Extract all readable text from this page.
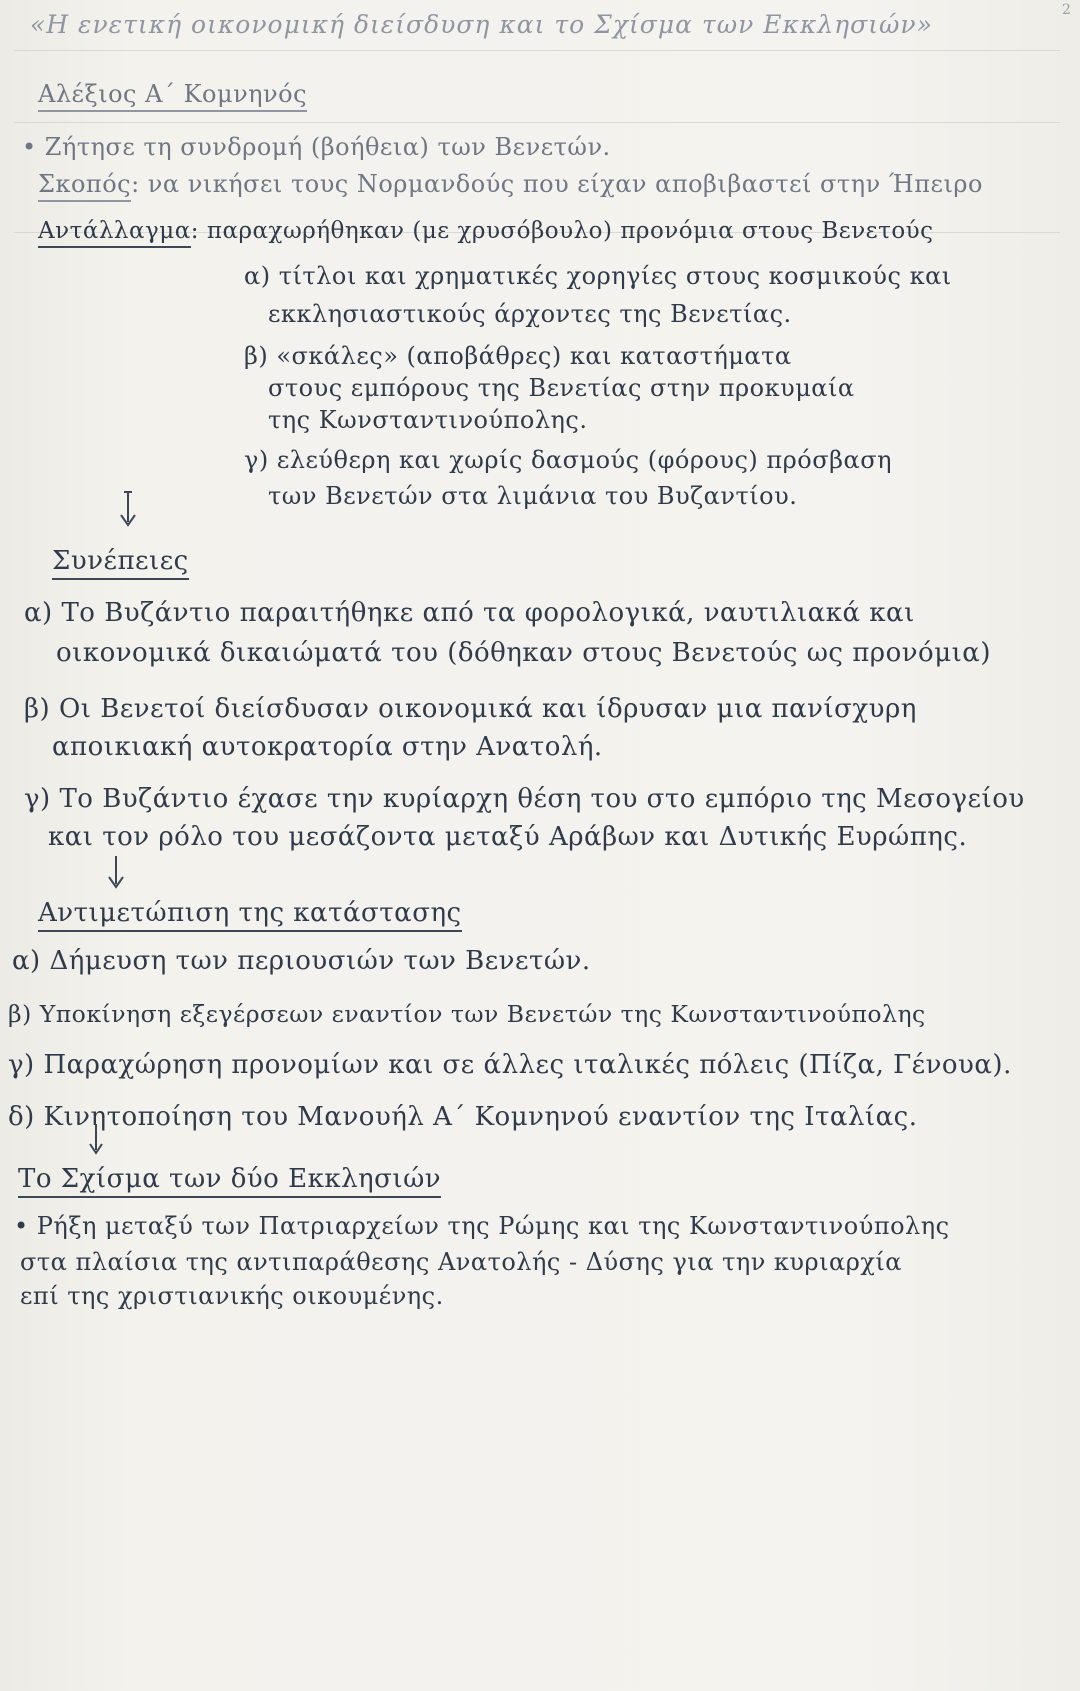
«Η ενετική οικονομική διείσδυση και το Σχίσμα των Εκκλησιών»	2
Αλέξιος Α΄ Κομνηνός
• Ζήτησε τη συνδρομή (βοήθεια) των Βενετών.
Σκοπός: να νικήσει τους Νορμανδούς που είχαν αποβιβαστεί στην Ήπειρο
Αντάλλαγμα: παραχωρήθηκαν (με χρυσόβουλο) προνόμια στους Βενετούς
α) τίτλοι και χρηματικές χορηγίες στους κοσμικούς και
εκκλησιαστικούς άρχοντες της Βενετίας.
β) «σκάλες» (αποβάθρες) και καταστήματα
στους εμπόρους της Βενετίας στην προκυμαία
της Κωνσταντινούπολης.
γ) ελεύθερη και χωρίς δασμούς (φόρους) πρόσβαση
των Βενετών στα λιμάνια του Βυζαντίου.
Συνέπειες
α) Το Βυζάντιο παραιτήθηκε από τα φορολογικά, ναυτιλιακά και
οικονομικά δικαιώματά του (δόθηκαν στους Βενετούς ως προνόμια)
β) Οι Βενετοί διείσδυσαν οικονομικά και ίδρυσαν μια πανίσχυρη
αποικιακή αυτοκρατορία στην Ανατολή.
γ) Το Βυζάντιο έχασε την κυρίαρχη θέση του στο εμπόριο της Μεσογείου
και τον ρόλο του μεσάζοντα μεταξύ Αράβων και Δυτικής Ευρώπης.
Αντιμετώπιση της κατάστασης
α) Δήμευση των περιουσιών των Βενετών.
β) Υποκίνηση εξεγέρσεων εναντίον των Βενετών της Κωνσταντινούπολης
γ) Παραχώρηση προνομίων και σε άλλες ιταλικές πόλεις (Πίζα, Γένουα).
δ) Κινητοποίηση του Μανουήλ Α΄ Κομνηνού εναντίον της Ιταλίας.
Το Σχίσμα των δύο Εκκλησιών
• Ρήξη μεταξύ των Πατριαρχείων της Ρώμης και της Κωνσταντινούπολης
στα πλαίσια της αντιπαράθεσης Ανατολής - Δύσης για την κυριαρχία
επί της χριστιανικής οικουμένης.
